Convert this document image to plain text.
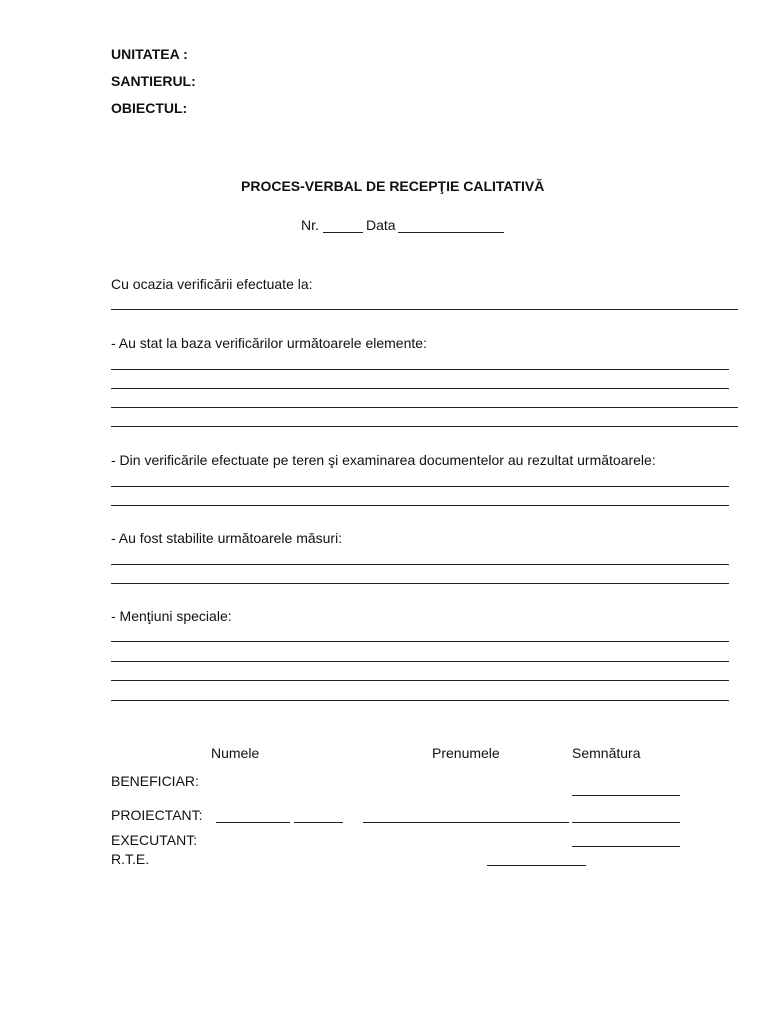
UNITATEA :
SANTIERUL:
OBIECTUL:
PROCES-VERBAL DE RECEPŢIE CALITATIVĂ
Nr.	Data
Cu ocazia verificării efectuate la:
- Au stat la baza verificărilor următoarele elemente:
- Din verificările efectuate pe teren şi examinarea documentelor au rezultat următoarele:
- Au fost stabilite următoarele măsuri:
- Menţiuni speciale:
Numele	Prenumele	Semnătura
BENEFICIAR:
PROIECTANT:
EXECUTANT:
R.T.E.
